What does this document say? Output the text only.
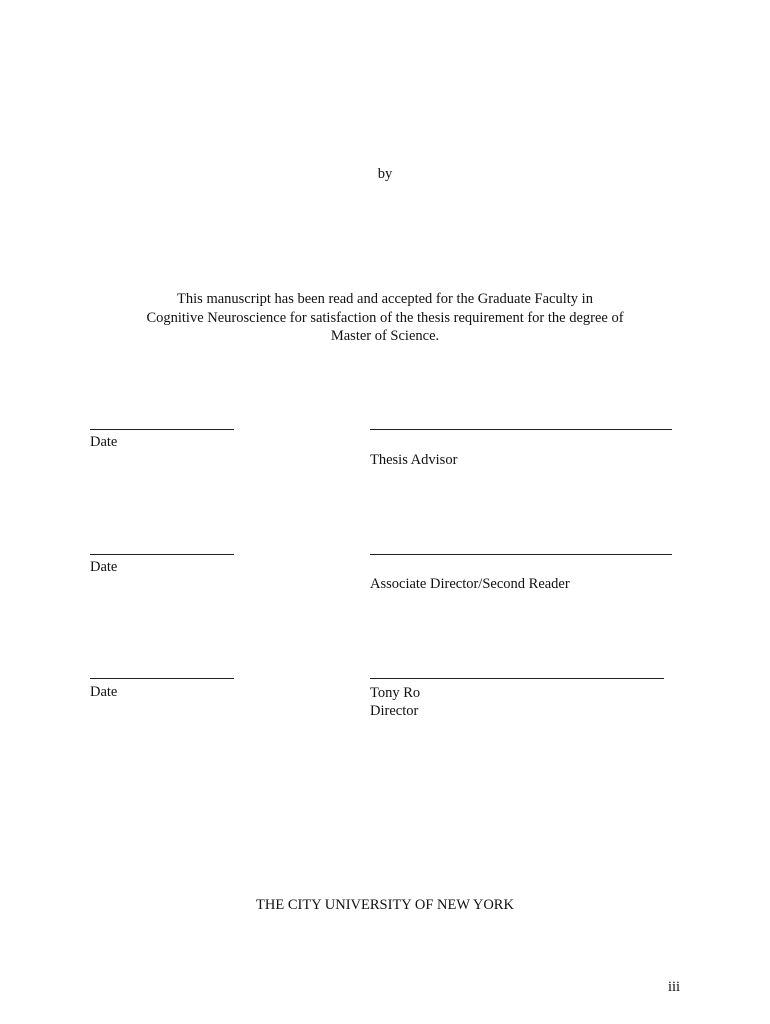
by
This manuscript has been read and accepted for the Graduate Faculty in
Cognitive Neuroscience for satisfaction of the thesis requirement for the degree of
Master of Science.
Date
Thesis Advisor
Date
Associate Director/Second Reader
Date	Tony Ro
Director
THE CITY UNIVERSITY OF NEW YORK
iii
